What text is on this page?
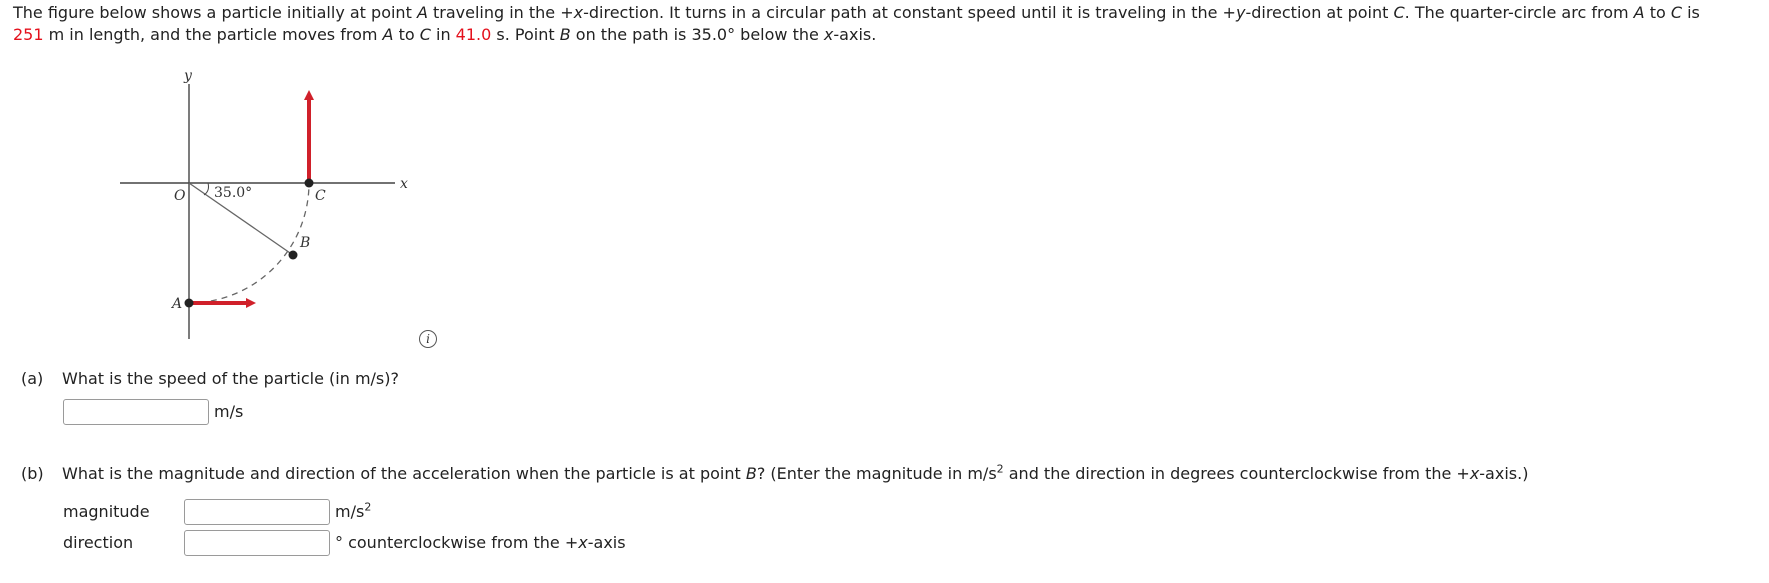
The figure below shows a particle initially at point A traveling in the +x-direction. It turns in a circular path at constant speed until it is traveling in the +y-direction at point C. The quarter-circle arc from A to C is
251 m in length, and the particle moves from A to C in 41.0 s. Point B on the path is 35.0° below the x-axis.
y
x
O 35.0°	C
B
A
i
(a) What is the speed of the particle (in m/s)?
m/s
(b) What is the magnitude and direction of the acceleration when the particle is at point B? (Enter the magnitude in $m/s^2$ and the direction in degrees counterclockwise from the +x-axis.)
magnitude	$m/s^2$
direction	° counterclockwise from the +x-axis
